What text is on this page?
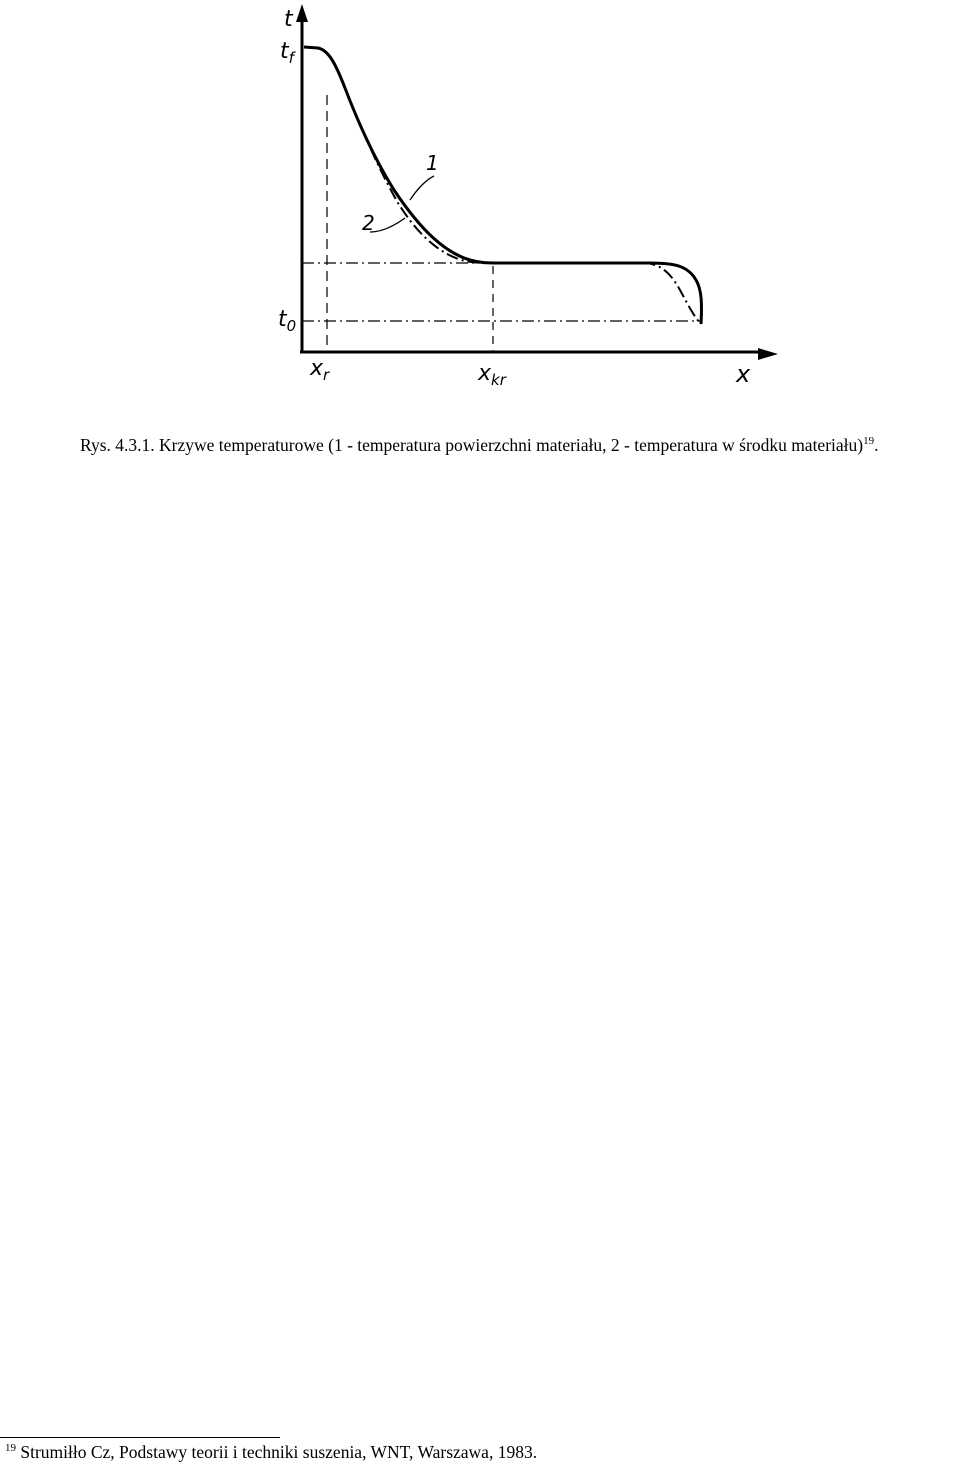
t
$t_f$
$t_0$
$x_r$	$x_{kr}$	x
1
2
Rys. 4.3.1. Krzywe temperaturowe (1 - temperatura powierzchni materiału, 2 - temperatura w środku materiału)$^{19}$.
$^{19}$ Strumiłło Cz, Podstawy teorii i techniki suszenia, WNT, Warszawa, 1983.
